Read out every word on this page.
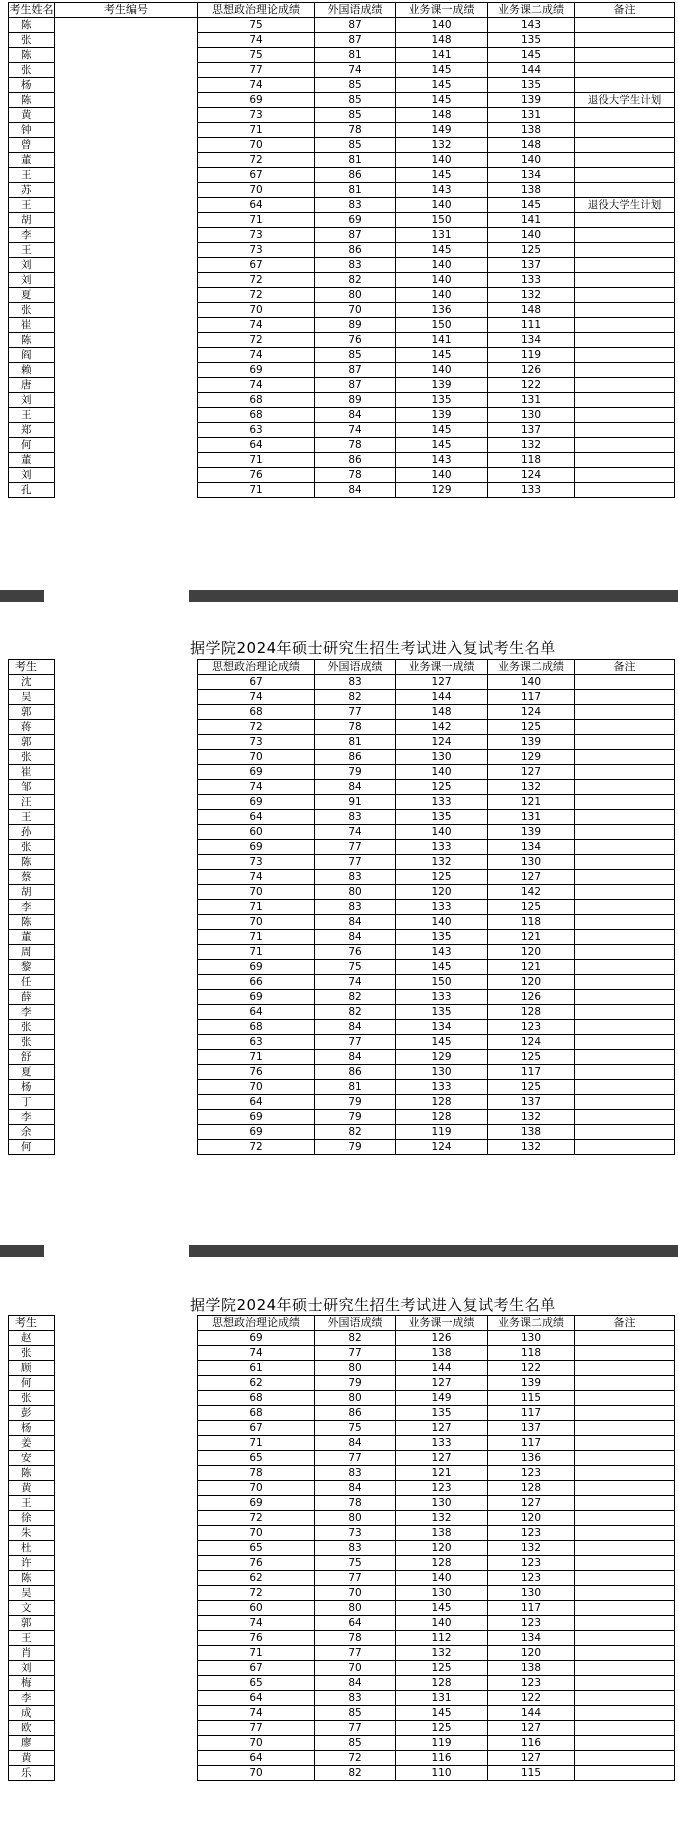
考生姓名	考生编号	思想政治理论成绩	外国语成绩	业务课一成绩	业务课二成绩	备注
陈		75	87	140	143	
张		74	87	148	135	
陈		75	81	141	145	
张		77	74	145	144	
杨		74	85	145	135	
陈		69	85	145	139	退役大学生计划
黄		73	85	148	131	
钟		71	78	149	138	
曾		70	85	132	148	
董		72	81	140	140	
王		67	86	145	134	
苏		70	81	143	138	
王		64	83	140	145	退役大学生计划
胡		71	69	150	141	
李		73	87	131	140	
王		73	86	145	125	
刘		67	83	140	137	
刘		72	82	140	133	
夏		72	80	140	132	
张		70	70	136	148	
崔		74	89	150	111	
陈		72	76	141	134	
阎		74	85	145	119	
赖		69	87	140	126	
唐		74	87	139	122	
刘		68	89	135	131	
王		68	84	139	130	
郑		63	74	145	137	
何		64	78	145	132	
董		71	86	143	118	
刘		76	78	140	124	
孔		71	84	129	133	
据学院2024年硕士研究生招生考试进入复试考生名单
考生		思想政治理论成绩	外国语成绩	业务课一成绩	业务课二成绩	备注
沈		67	83	127	140	
吴		74	82	144	117	
郭		68	77	148	124	
蒋		72	78	142	125	
郭		73	81	124	139	
张		70	86	130	129	
崔		69	79	140	127	
邹		74	84	125	132	
汪		69	91	133	121	
王		64	83	135	131	
孙		60	74	140	139	
张		69	77	133	134	
陈		73	77	132	130	
蔡		74	83	125	127	
胡		70	80	120	142	
李		71	83	133	125	
陈		70	84	140	118	
董		71	84	135	121	
周		71	76	143	120	
黎		69	75	145	121	
任		66	74	150	120	
薛		69	82	133	126	
李		64	82	135	128	
张		68	84	134	123	
张		63	77	145	124	
舒		71	84	129	125	
夏		76	86	130	117	
杨		70	81	133	125	
丁		64	79	128	137	
李		69	79	128	132	
余		69	82	119	138	
何		72	79	124	132	
据学院2024年硕士研究生招生考试进入复试考生名单
考生		思想政治理论成绩	外国语成绩	业务课一成绩	业务课二成绩	备注
赵		69	82	126	130	
张		74	77	138	118	
顾		61	80	144	122	
何		62	79	127	139	
张		68	80	149	115	
彭		68	86	135	117	
杨		67	75	127	137	
姜		71	84	133	117	
安		65	77	127	136	
陈		78	83	121	123	
黄		70	84	123	128	
王		69	78	130	127	
徐		72	80	132	120	
朱		70	73	138	123	
杜		65	83	120	132	
许		76	75	128	123	
陈		62	77	140	123	
吴		72	70	130	130	
文		60	80	145	117	
郭		74	64	140	123	
王		76	78	112	134	
肖		71	77	132	120	
刘		67	70	125	138	
梅		65	84	128	123	
李		64	83	131	122	
成		74	85	145	144	
欧		77	77	125	127	
廖		70	85	119	116	
黄		64	72	116	127	
乐		70	82	110	115	
